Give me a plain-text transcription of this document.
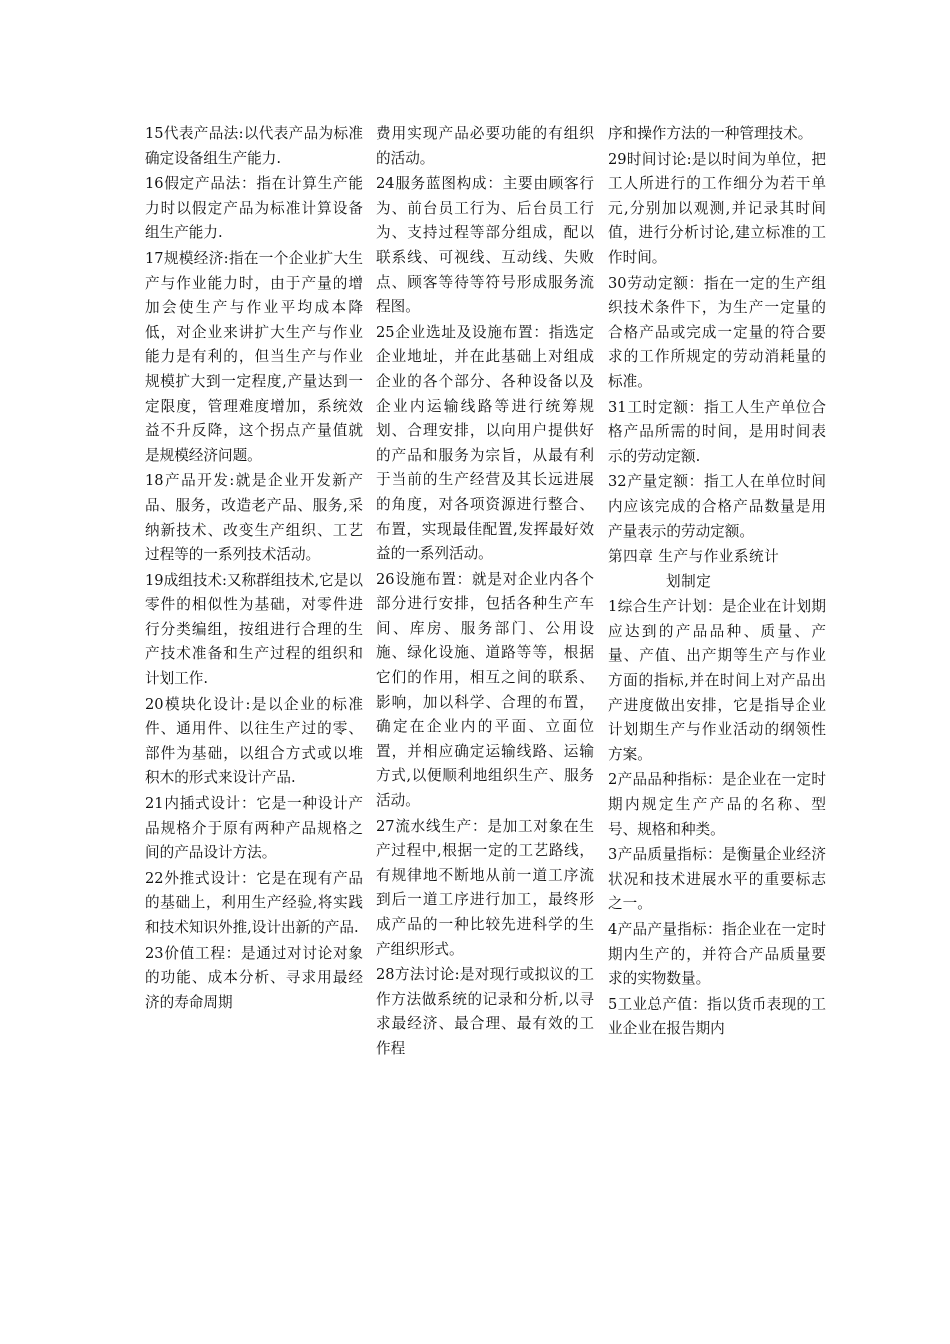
15代表产品法:以代表产品为标准确定设备组生产能力.

16假定产品法：指在计算生产能力时以假定产品为标准计算设备组生产能力.

17规模经济:指在一个企业扩大生产与作业能力时，由于产量的增加会使生产与作业平均成本降低，对企业来讲扩大生产与作业能力是有利的，但当生产与作业规模扩大到一定程度,产量达到一定限度，管理难度增加，系统效益不升反降，这个拐点产量值就是规模经济问题。

18产品开发:就是企业开发新产品、服务，改造老产品、服务,采纳新技术、改变生产组织、工艺过程等的一系列技术活动。

19成组技术:又称群组技术,它是以零件的相似性为基础，对零件进行分类编组，按组进行合理的生产技术准备和生产过程的组织和计划工作.

20模块化设计:是以企业的标准件、通用件、以往生产过的零、部件为基础，以组合方式或以堆积木的形式来设计产品.

21内插式设计：它是一种设计产品规格介于原有两种产品规格之间的产品设计方法。

22外推式设计：它是在现有产品的基础上，利用生产经验,将实践和技术知识外推,设计出新的产品.

23价值工程：是通过对讨论对象的功能、成本分析、寻求用最经济的寿命周期

费用实现产品必要功能的有组织的活动。

24服务蓝图构成：主要由顾客行为、前台员工行为、后台员工行为、支持过程等部分组成，配以联系线、可视线、互动线、失败点、顾客等待等符号形成服务流程图。

25企业选址及设施布置：指选定企业地址，并在此基础上对组成企业的各个部分、各种设备以及企业内运输线路等进行统筹规划、合理安排，以向用户提供好的产品和服务为宗旨，从最有利于当前的生产经营及其长远进展的角度，对各项资源进行整合、布置，实现最佳配置,发挥最好效益的一系列活动。

26设施布置：就是对企业内各个部分进行安排，包括各种生产车间、库房、服务部门、公用设施、绿化设施、道路等等，根据它们的作用，相互之间的联系、影响，加以科学、合理的布置，确定在企业内的平面、立面位置，并相应确定运输线路、运输方式,以便顺利地组织生产、服务活动。

27流水线生产：是加工对象在生产过程中,根据一定的工艺路线，有规律地不断地从前一道工序流到后一道工序进行加工，最终形成产品的一种比较先进科学的生产组织形式。

28方法讨论:是对现行或拟议的工作方法做系统的记录和分析,以寻求最经济、最合理、最有效的工作程

序和操作方法的一种管理技术。

29时间讨论:是以时间为单位，把工人所进行的工作细分为若干单元,分别加以观测,并记录其时间值，进行分析讨论,建立标准的工作时间。

30劳动定额：指在一定的生产组织技术条件下，为生产一定量的合格产品或完成一定量的符合要求的工作所规定的劳动消耗量的标准。

31工时定额：指工人生产单位合格产品所需的时间，是用时间表示的劳动定额.

32产量定额：指工人在单位时间内应该完成的合格产品数量是用产量表示的劳动定额。

第四章 生产与作业系统计
划制定

1综合生产计划：是企业在计划期应达到的产品品种、质量、产量、产值、出产期等生产与作业方面的指标,并在时间上对产品出产进度做出安排，它是指导企业计划期生产与作业活动的纲领性方案。

2产品品种指标：是企业在一定时期内规定生产产品的名称、型号、规格和种类。

3产品质量指标：是衡量企业经济状况和技术进展水平的重要标志之一。

4产品产量指标：指企业在一定时期内生产的，并符合产品质量要求的实物数量。

5工业总产值：指以货币表现的工业企业在报告期内
